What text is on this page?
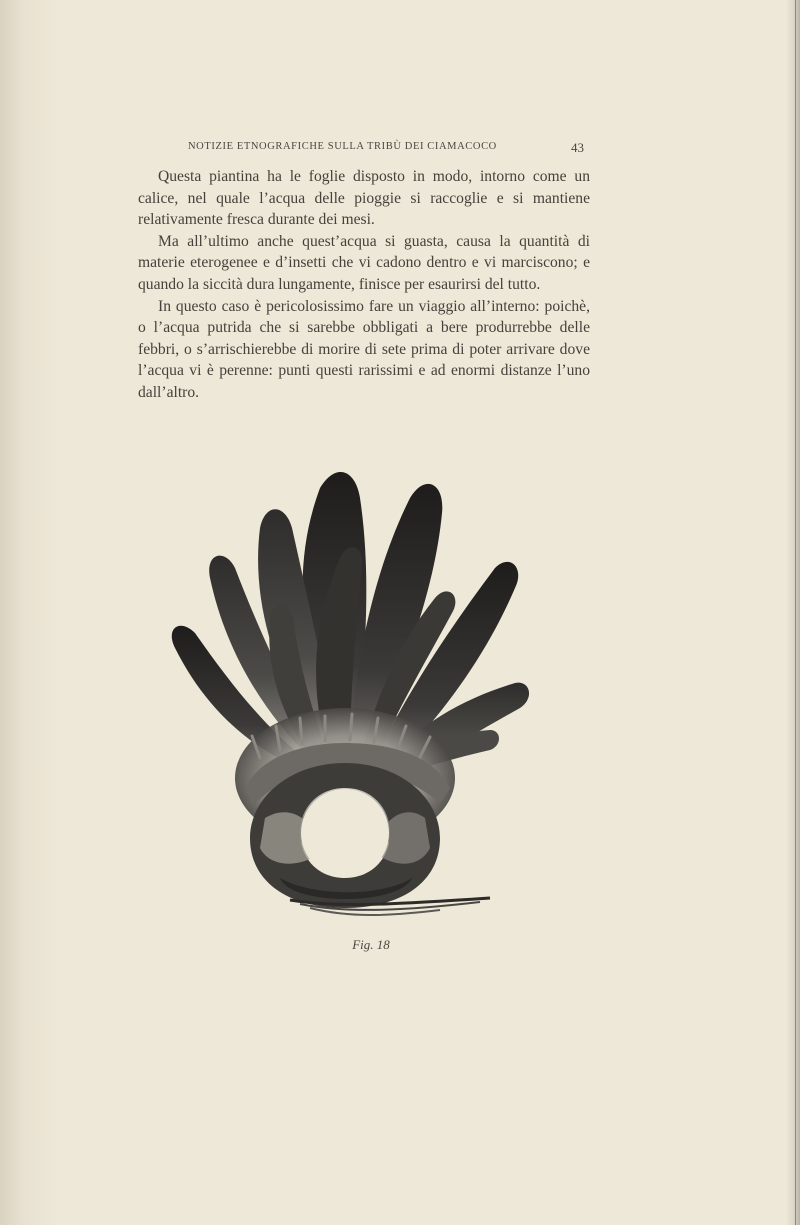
NOTIZIE ETNOGRAFICHE SULLA TRIBÙ DEI CIAMACOCO	43

Questa piantina ha le foglie disposto in modo, intorno come un calice, nel quale l’acqua delle pioggie si raccoglie e si mantiene relativamente fresca durante dei mesi.

Ma all’ultimo anche quest’acqua si guasta, causa la quantità di materie eterogenee e d’insetti che vi cadono dentro e vi marciscono; e quando la siccità dura lungamente, finisce per esaurirsi del tutto.

In questo caso è pericolosissimo fare un viaggio all’interno: poichè, o l’acqua putrida che si sarebbe obbligati a bere produrrebbe delle febbri, o s’arrischierebbe di morire di sete prima di poter arrivare dove l’acqua vi è perenne: punti questi rarissimi e ad enormi distanze l’uno dall’altro.

Fig. 18
